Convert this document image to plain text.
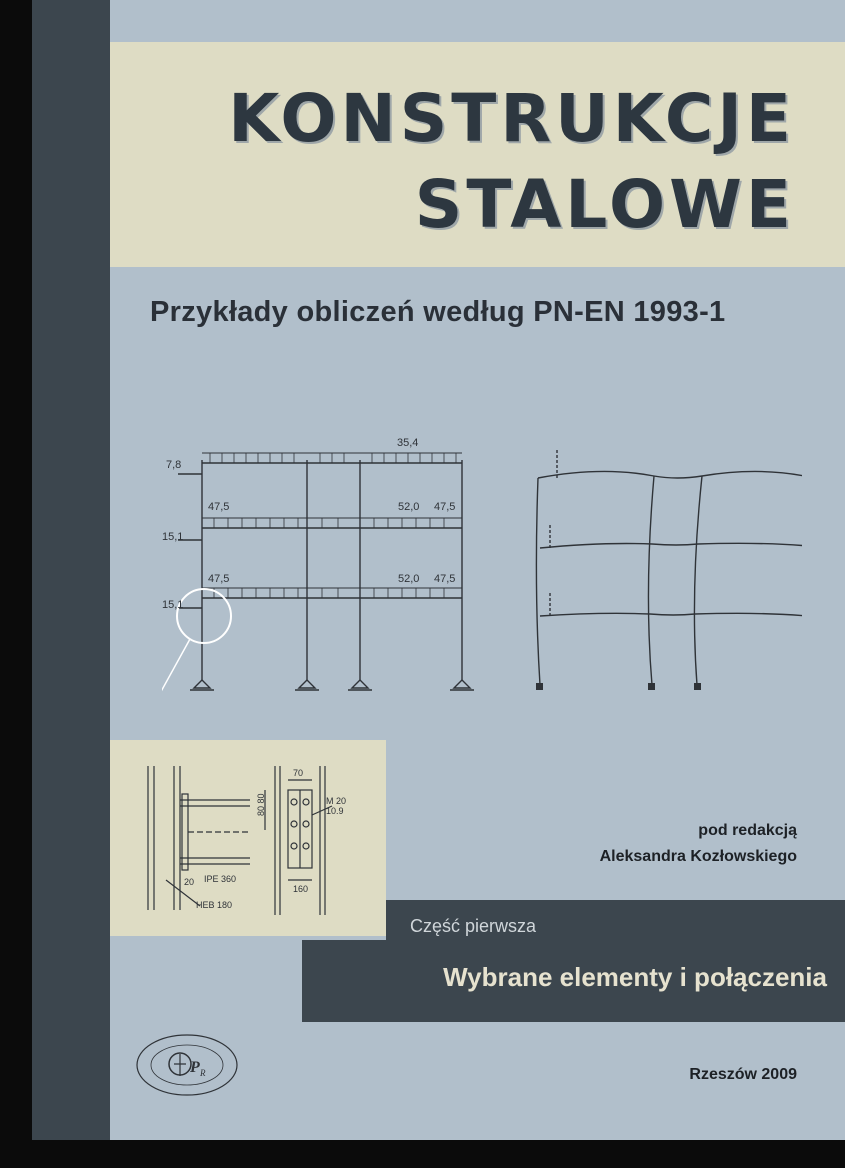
KONSTRUKCJE
STALOWE
Przykłady obliczeń według PN-EN 1993-1
35,4
7,8
47,5	52,0 47,5
15,1
47,5	52,0 47,5
15,1
20 IPE 360
HEB 180
70
80 80	M 20
10.9
160
pod redakcją
Aleksandra Kozłowskiego
Część pierwsza
Wybrane elementy i połączenia
P R	Rzeszów 2009
